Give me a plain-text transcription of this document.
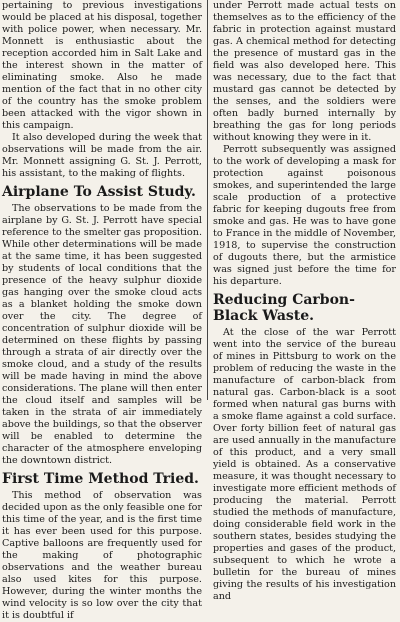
pertaining to previous investigations would be placed at his disposal, together with police power, when necessary. Mr. Monnett is enthusiastic about the reception accorded him in Salt Lake and the interest shown in the matter of eliminating smoke. Also he made mention of the fact that in no other city of the country has the smoke problem been attacked with the vigor shown in this campaign.

It also developed during the week that observations will be made from the air. Mr. Monnett assigning G. St. J. Perrott, his assistant, to the making of flights.

Airplane To Assist Study.

The observations to be made from the airplane by G. St. J. Perrott have special reference to the smelter gas proposition. While other determinations will be made at the same time, it has been suggested by students of local conditions that the presence of the heavy sulphur dioxide gas hanging over the smoke cloud acts as a blanket holding the smoke down over the city. The degree of concentration of sulphur dioxide will be determined on these flights by passing through a strata of air directly over the smoke cloud, and a study of the results will be made having in mind the above considerations. The plane will then enter the cloud itself and samples will be taken in the strata of air immediately above the buildings, so that the observer will be enabled to determine the character of the atmosphere enveloping the downtown district.

First Time Method Tried.

This method of observation was decided upon as the only feasible one for this time of the year, and is the first time it has ever been used for this purpose. Captive balloons are frequently used for the making of photographic observations and the weather bureau also used kites for this purpose. However, during the winter months the wind velocity is so low over the city that it is doubtful if

under Perrott made actual tests on themselves as to the efficiency of the fabric in protection against mustard gas. A chemical method for detecting the presence of mustard gas in the field was also developed here. This was necessary, due to the fact that mustard gas cannot be detected by the senses, and the soldiers were often badly burned internally by breathing the gas for long periods without knowing they were in it.

Perrott subsequently was assigned to the work of developing a mask for protection against poisonous smokes, and superintended the large scale production of a protective fabric for keeping dugouts free from smoke and gas. He was to have gone to France in the middle of November, 1918, to supervise the construction of dugouts there, but the armistice was signed just before the time for his departure.

Reducing Carbon-Black Waste.

At the close of the war Perrott went into the service of the bureau of mines in Pittsburg to work on the problem of reducing the waste in the manufacture of carbon-black from natural gas. Carbon-black is a soot formed when natural gas burns with a smoke flame against a cold surface. Over forty billion feet of natural gas are used annually in the manufacture of this product, and a very small yield is obtained. As a conservative measure, it was thought necessary to investigate more efficient methods of producing the material. Perrott studied the methods of manufacture, doing considerable field work in the southern states, besides studying the properties and gases of the product, subsequent to which he wrote a bulletin for the bureau of mines giving the results of his investigation and
